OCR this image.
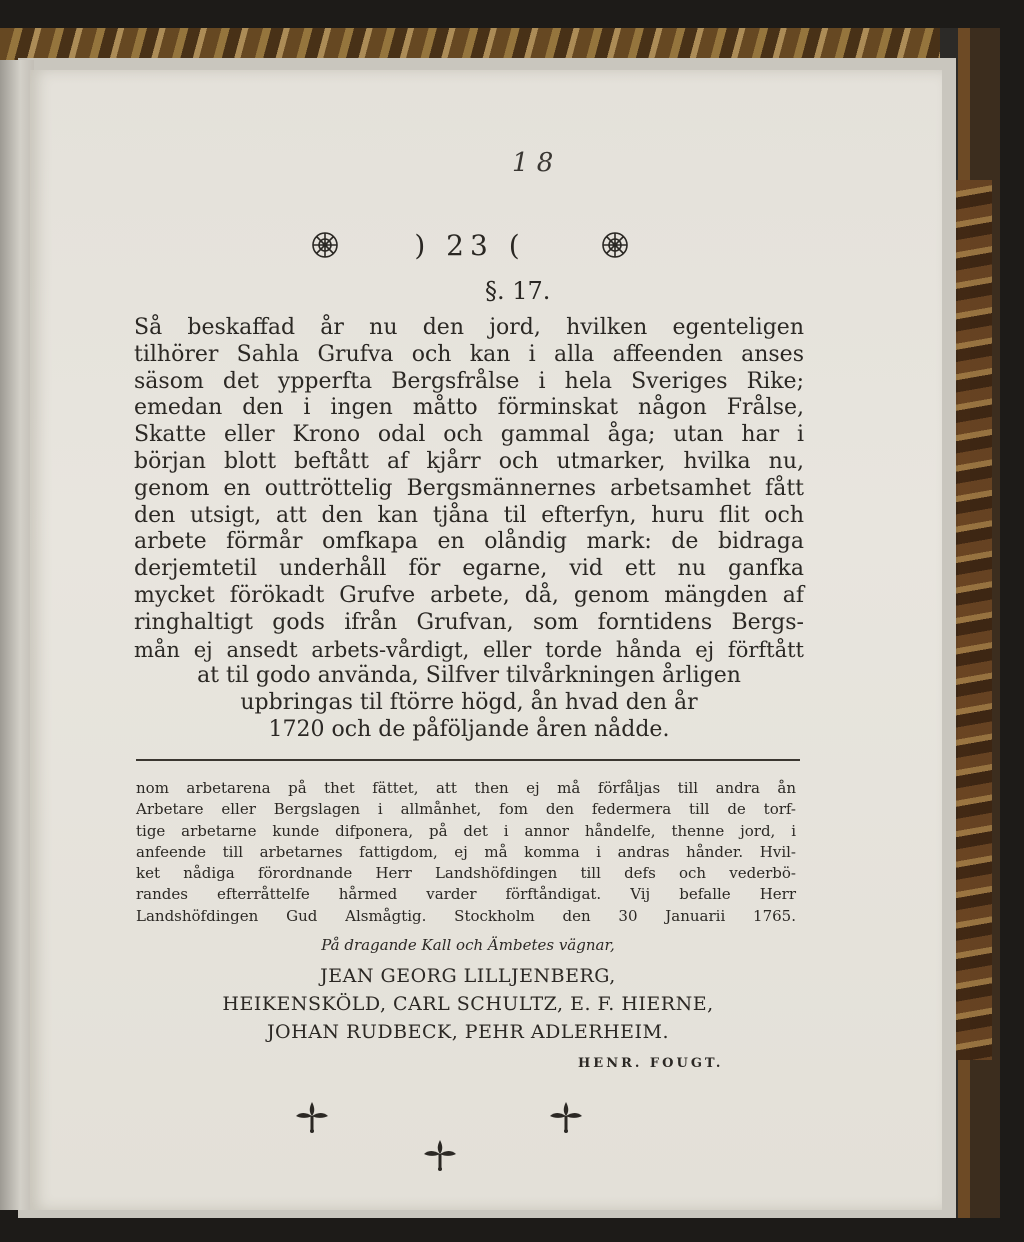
1 8
) 23 (
§. 17.
Så beskaffad år nu den jord, hvilken egenteligen
tilhörer Sahla Grufva och kan i alla affeenden anses
säsom det ypperfta Bergsfrålse i hela Sveriges Rike;
emedan den i ingen måtto förminskat någon Frålse,
Skatte eller Krono odal och gammal åga; utan har i
början blott beftått af kjårr och utmarker, hvilka nu,
genom en outtröttelig Bergsmännernes arbetsamhet fått
den utsigt, att den kan tjåna til efterfyn, huru flit och
arbete förmår omfkapa en olåndig mark: de bidraga
derjemtetil underhåll för egarne, vid ett nu ganfka
mycket förökadt Grufve arbete, då, genom mängden af
ringhaltigt gods ifrån Grufvan, som forntidens Bergs-
mån ej ansedt arbets-vårdigt, eller torde hånda ej förftått
at til godo använda, Silfver tilvårkningen årligen
upbringas til ftörre högd, ån hvad den år
1720 och de påföljande åren nådde.
nom arbetarena på thet fättet, att then ej må förfåljas till andra ån
Arbetare eller Bergslagen i allmånhet, fom den federmera till de torf-
tige arbetarne kunde difponera, på det i annor håndelfe, thenne jord, i
anfeende till arbetarnes fattigdom, ej må komma i andras hånder. Hvil-
ket nådiga förordnande Herr Landshöfdingen till defs och vederbö-
randes efterråttelfe hårmed varder förftåndigat. Vij befalle Herr
Landshöfdingen Gud Alsmågtig. Stockholm den 30 Januarii 1765.
På dragande Kall och Ämbetes vägnar,
JEAN GEORG LILLJENBERG,
HEIKENSKÖLD, CARL SCHULTZ, E. F. HIERNE,
JOHAN RUDBECK, PEHR ADLERHEIM.
HENR. FOUGT.
